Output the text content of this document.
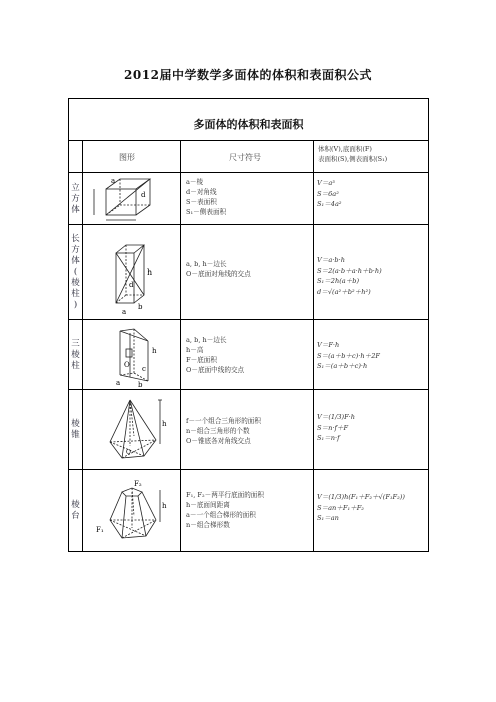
2012届中学数学多面体的体积和表面积公式
多面体的体积和表面积
图形	尺寸符号
体积(V),底面积(F)
表面积(S),侧表面积(S₁)
立
方
体
a
d
a－棱
d－对角线
S－表面积
S₁－侧表面积
V＝a³
S＝6a²
S₁＝4a²
长
方
体
(
棱
柱
)
h
a
b
d
a, b, h－边长
O－底面对角线的交点
V＝a·b·h
S＝2(a·b＋a·h＋b·h)
S₁＝2h(a＋b)
d＝√(a²＋b²＋h²)
三
棱
柱
h
a	b
c
O
a, b, h－边长
h－高
F－底面积
O－底面中线的交点
V＝F·h
S＝(a＋b＋c)·h＋2F
S₁＝(a＋b＋c)·h
棱
锥
h
O
f－一个组合三角形的面积
n－组合三角形的个数
O－锥底各对角线交点
V＝(1/3)F·h
S＝n·f＋F
S₁＝n·f
棱
台
F₂
F₁
h
F₁, F₂－两平行底面的面积
h－底面间距离
a－一个组合梯形的面积
n－组合梯形数
V＝(1/3)h(F₁＋F₂＋√(F₁F₂))
S＝an＋F₁＋F₂
S₁＝an
